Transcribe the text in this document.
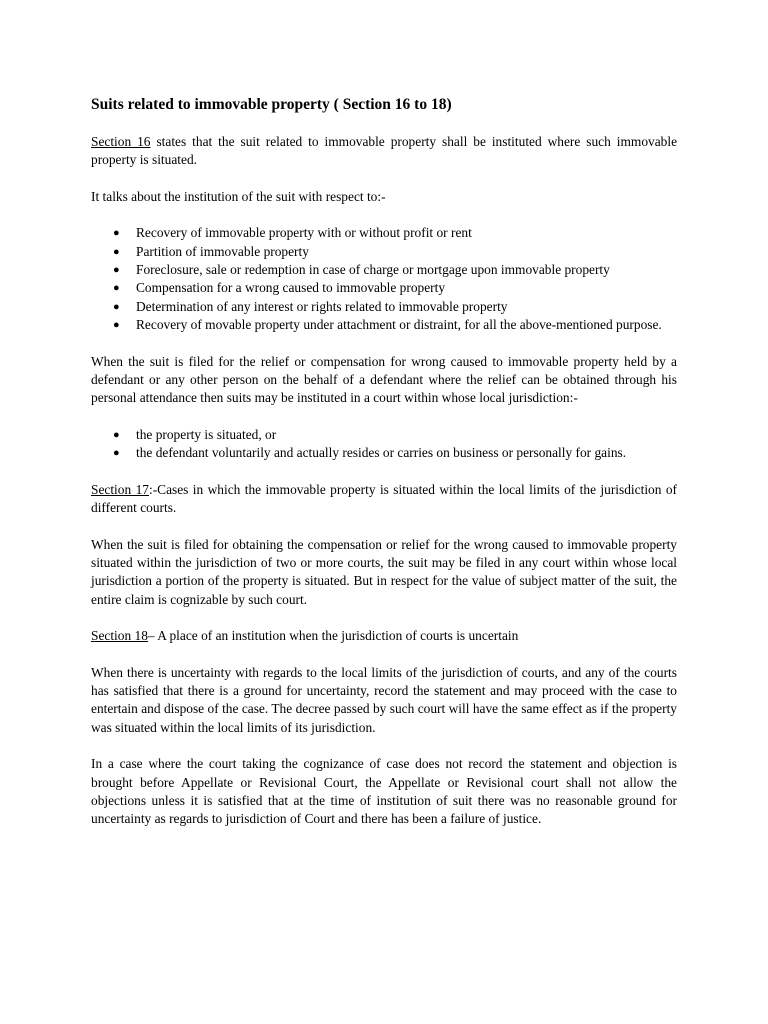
Suits related to immovable property ( Section 16 to 18)

Section 16 states that the suit related to immovable property shall be instituted where such immovable property is situated.

It talks about the institution of the suit with respect to:-

● Recovery of immovable property with or without profit or rent
● Partition of immovable property
● Foreclosure, sale or redemption in case of charge or mortgage upon immovable property
● Compensation for a wrong caused to immovable property
● Determination of any interest or rights related to immovable property
● Recovery of movable property under attachment or distraint, for all the above-mentioned purpose.

When the suit is filed for the relief or compensation for wrong caused to immovable property held by a defendant or any other person on the behalf of a defendant where the relief can be obtained through his personal attendance then suits may be instituted in a court within whose local jurisdiction:-

● the property is situated, or
● the defendant voluntarily and actually resides or carries on business or personally for gains.

Section 17:-Cases in which the immovable property is situated within the local limits of the jurisdiction of different courts.

When the suit is filed for obtaining the compensation or relief for the wrong caused to immovable property situated within the jurisdiction of two or more courts, the suit may be filed in any court within whose local jurisdiction a portion of the property is situated. But in respect for the value of subject matter of the suit, the entire claim is cognizable by such court.

Section 18– A place of an institution when the jurisdiction of courts is uncertain

When there is uncertainty with regards to the local limits of the jurisdiction of courts, and any of the courts has satisfied that there is a ground for uncertainty, record the statement and may proceed with the case to entertain and dispose of the case. The decree passed by such court will have the same effect as if the property was situated within the local limits of its jurisdiction.

In a case where the court taking the cognizance of case does not record the statement and objection is brought before Appellate or Revisional Court, the Appellate or Revisional court shall not allow the objections unless it is satisfied that at the time of institution of suit there was no reasonable ground for uncertainty as regards to jurisdiction of Court and there has been a failure of justice.
